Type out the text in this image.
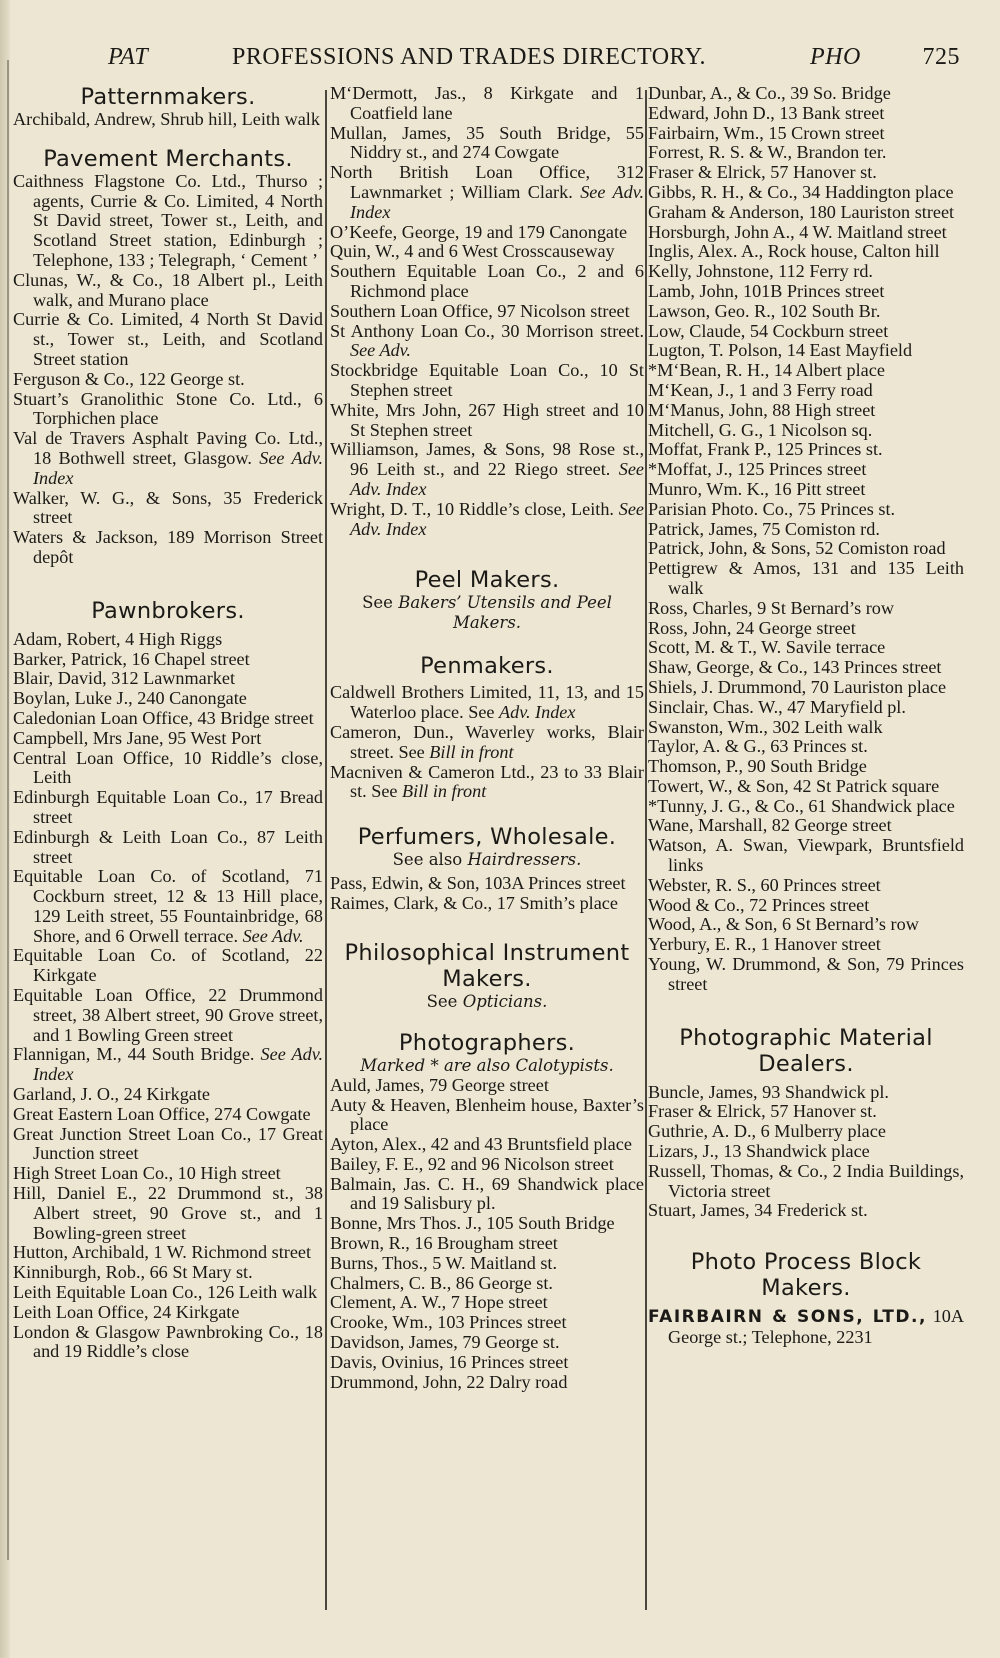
PAT	PROFESSIONS AND TRADES DIRECTORY.	PHO	725
Patternmakers.
Archibald, Andrew, Shrub hill, Leith walk
Pavement Merchants.
Caithness Flagstone Co. Ltd., Thurso ; agents, Currie & Co. Limited, 4 North St David street, Tower st., Leith, and Scotland Street station, Edinburgh ; Telephone, 133 ; Telegraph, ‘ Cement ’
Clunas, W., & Co., 18 Albert pl., Leith walk, and Murano place
Currie & Co. Limited, 4 North St David st., Tower st., Leith, and Scotland Street station
Ferguson & Co., 122 George st.
Stuart’s Granolithic Stone Co. Ltd., 6 Torphichen place
Val de Travers Asphalt Paving Co. Ltd., 18 Bothwell street, Glasgow. See Adv. Index
Walker, W. G., & Sons, 35 Frederick street
Waters & Jackson, 189 Morrison Street depôt
Pawnbrokers.
Adam, Robert, 4 High Riggs
Barker, Patrick, 16 Chapel street
Blair, David, 312 Lawnmarket
Boylan, Luke J., 240 Canongate
Caledonian Loan Office, 43 Bridge street
Campbell, Mrs Jane, 95 West Port
Central Loan Office, 10 Riddle’s close, Leith
Edinburgh Equitable Loan Co., 17 Bread street
Edinburgh & Leith Loan Co., 87 Leith street
Equitable Loan Co. of Scotland, 71 Cockburn street, 12 & 13 Hill place, 129 Leith street, 55 Fountainbridge, 68 Shore, and 6 Orwell terrace. See Adv.
Equitable Loan Co. of Scotland, 22 Kirkgate
Equitable Loan Office, 22 Drummond street, 38 Albert street, 90 Grove street, and 1 Bowling Green street
Flannigan, M., 44 South Bridge. See Adv. Index
Garland, J. O., 24 Kirkgate
Great Eastern Loan Office, 274 Cowgate
Great Junction Street Loan Co., 17 Great Junction street
High Street Loan Co., 10 High street
Hill, Daniel E., 22 Drummond st., 38 Albert street, 90 Grove st., and 1 Bowling-green street
Hutton, Archibald, 1 W. Richmond street
Kinniburgh, Rob., 66 St Mary st.
Leith Equitable Loan Co., 126 Leith walk
Leith Loan Office, 24 Kirkgate
London & Glasgow Pawnbroking Co., 18 and 19 Riddle’s close
M‘Dermott, Jas., 8 Kirkgate and 1 Coatfield lane
Mullan, James, 35 South Bridge, 55 Niddry st., and 274 Cowgate
North British Loan Office, 312 Lawnmarket ; William Clark. See Adv. Index
O’Keefe, George, 19 and 179 Canongate
Quin, W., 4 and 6 West Crosscauseway
Southern Equitable Loan Co., 2 and 6 Richmond place
Southern Loan Office, 97 Nicolson street
St Anthony Loan Co., 30 Morrison street. See Adv.
Stockbridge Equitable Loan Co., 10 St Stephen street
White, Mrs John, 267 High street and 10 St Stephen street
Williamson, James, & Sons, 98 Rose st., 96 Leith st., and 22 Riego street. See Adv. Index
Wright, D. T., 10 Riddle’s close, Leith. See Adv. Index
Peel Makers.
See Bakers’ Utensils and Peel Makers.
Penmakers.
Caldwell Brothers Limited, 11, 13, and 15 Waterloo place. See Adv. Index
Cameron, Dun., Waverley works, Blair street. See Bill in front
Macniven & Cameron Ltd., 23 to 33 Blair st. See Bill in front
Perfumers, Wholesale.
See also Hairdressers.
Pass, Edwin, & Son, 103A Princes street
Raimes, Clark, & Co., 17 Smith’s place
Philosophical Instrument Makers.
See Opticians.
Photographers.
Marked * are also Calotypists.
Auld, James, 79 George street
Auty & Heaven, Blenheim house, Baxter’s place
Ayton, Alex., 42 and 43 Bruntsfield place
Bailey, F. E., 92 and 96 Nicolson street
Balmain, Jas. C. H., 69 Shandwick place and 19 Salisbury pl.
Bonne, Mrs Thos. J., 105 South Bridge
Brown, R., 16 Brougham street
Burns, Thos., 5 W. Maitland st.
Chalmers, C. B., 86 George st.
Clement, A. W., 7 Hope street
Crooke, Wm., 103 Princes street
Davidson, James, 79 George st.
Davis, Ovinius, 16 Princes street
Drummond, John, 22 Dalry road
Dunbar, A., & Co., 39 So. Bridge
Edward, John D., 13 Bank street
Fairbairn, Wm., 15 Crown street
Forrest, R. S. & W., Brandon ter.
Fraser & Elrick, 57 Hanover st.
Gibbs, R. H., & Co., 34 Haddington place
Graham & Anderson, 180 Lauriston street
Horsburgh, John A., 4 W. Maitland street
Inglis, Alex. A., Rock house, Calton hill
Kelly, Johnstone, 112 Ferry rd.
Lamb, John, 101B Princes street
Lawson, Geo. R., 102 South Br.
Low, Claude, 54 Cockburn street
Lugton, T. Polson, 14 East Mayfield
*M‘Bean, R. H., 14 Albert place
M‘Kean, J., 1 and 3 Ferry road
M‘Manus, John, 88 High street
Mitchell, G. G., 1 Nicolson sq.
Moffat, Frank P., 125 Princes st.
*Moffat, J., 125 Princes street
Munro, Wm. K., 16 Pitt street
Parisian Photo. Co., 75 Princes st.
Patrick, James, 75 Comiston rd.
Patrick, John, & Sons, 52 Comiston road
Pettigrew & Amos, 131 and 135 Leith walk
Ross, Charles, 9 St Bernard’s row
Ross, John, 24 George street
Scott, M. & T., W. Savile terrace
Shaw, George, & Co., 143 Princes street
Shiels, J. Drummond, 70 Lauriston place
Sinclair, Chas. W., 47 Maryfield pl.
Swanston, Wm., 302 Leith walk
Taylor, A. & G., 63 Princes st.
Thomson, P., 90 South Bridge
Towert, W., & Son, 42 St Patrick square
*Tunny, J. G., & Co., 61 Shandwick place
Wane, Marshall, 82 George street
Watson, A. Swan, Viewpark, Bruntsfield links
Webster, R. S., 60 Princes street
Wood & Co., 72 Princes street
Wood, A., & Son, 6 St Bernard’s row
Yerbury, E. R., 1 Hanover street
Young, W. Drummond, & Son, 79 Princes street
Photographic Material Dealers.
Buncle, James, 93 Shandwick pl.
Fraser & Elrick, 57 Hanover st.
Guthrie, A. D., 6 Mulberry place
Lizars, J., 13 Shandwick place
Russell, Thomas, & Co., 2 India Buildings, Victoria street
Stuart, James, 34 Frederick st.
Photo Process Block Makers.
FAIRBAIRN & SONS, LTD., 10A George st.; Telephone, 2231
